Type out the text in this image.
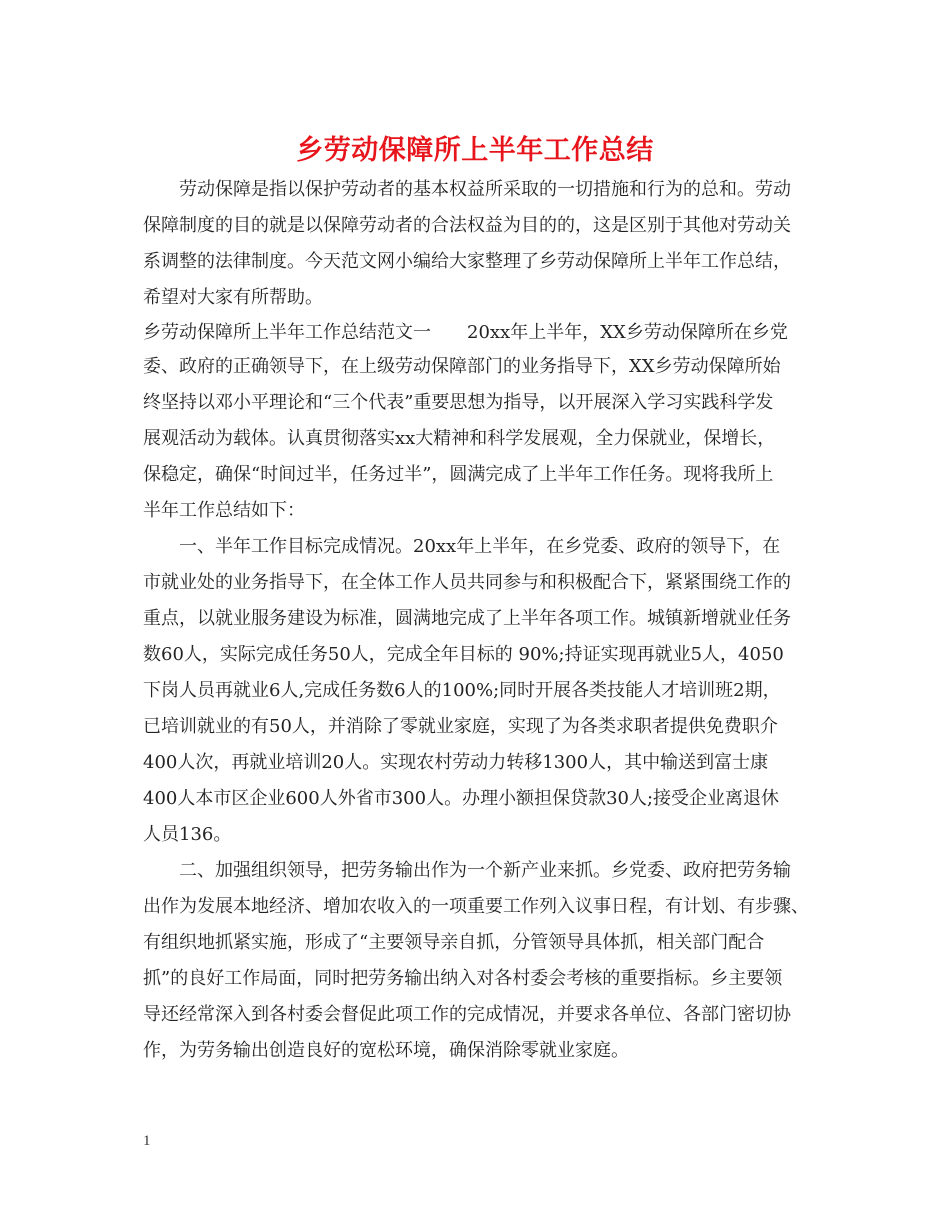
乡劳动保障所上半年工作总结
劳动保障是指以保护劳动者的基本权益所采取的一切措施和行为的总和。劳动
保障制度的目的就是以保障劳动者的合法权益为目的的，这是区别于其他对劳动关
系调整的法律制度。今天范文网小编给大家整理了乡劳动保障所上半年工作总结，
希望对大家有所帮助。
乡劳动保障所上半年工作总结范文一　　20xx年上半年，XX乡劳动保障所在乡党
委、政府的正确领导下，在上级劳动保障部门的业务指导下，XX乡劳动保障所始
终坚持以邓小平理论和“三个代表”重要思想为指导，以开展深入学习实践科学发
展观活动为载体。认真贯彻落实xx大精神和科学发展观，全力保就业，保增长，
保稳定，确保“时间过半，任务过半”，圆满完成了上半年工作任务。现将我所上
半年工作总结如下：
一、半年工作目标完成情况。20xx年上半年，在乡党委、政府的领导下，在
市就业处的业务指导下，在全体工作人员共同参与和积极配合下，紧紧围绕工作的
重点，以就业服务建设为标准，圆满地完成了上半年各项工作。城镇新增就业任务
数60人，实际完成任务50人，完成全年目标的 90%;持证实现再就业5人，4050
下岗人员再就业6人,完成任务数6人的100%;同时开展各类技能人才培训班2期，
已培训就业的有50人，并消除了零就业家庭，实现了为各类求职者提供免费职介
400人次，再就业培训20人。实现农村劳动力转移1300人，其中输送到富士康
400人本市区企业600人外省市300人。办理小额担保贷款30人;接受企业离退休
人员136。
二、加强组织领导，把劳务输出作为一个新产业来抓。乡党委、政府把劳务输
出作为发展本地经济、增加农收入的一项重要工作列入议事日程，有计划、有步骤、
有组织地抓紧实施，形成了“主要领导亲自抓，分管领导具体抓，相关部门配合
抓”的良好工作局面，同时把劳务输出纳入对各村委会考核的重要指标。乡主要领
导还经常深入到各村委会督促此项工作的完成情况，并要求各单位、各部门密切协
作，为劳务输出创造良好的宽松环境，确保消除零就业家庭。
1
